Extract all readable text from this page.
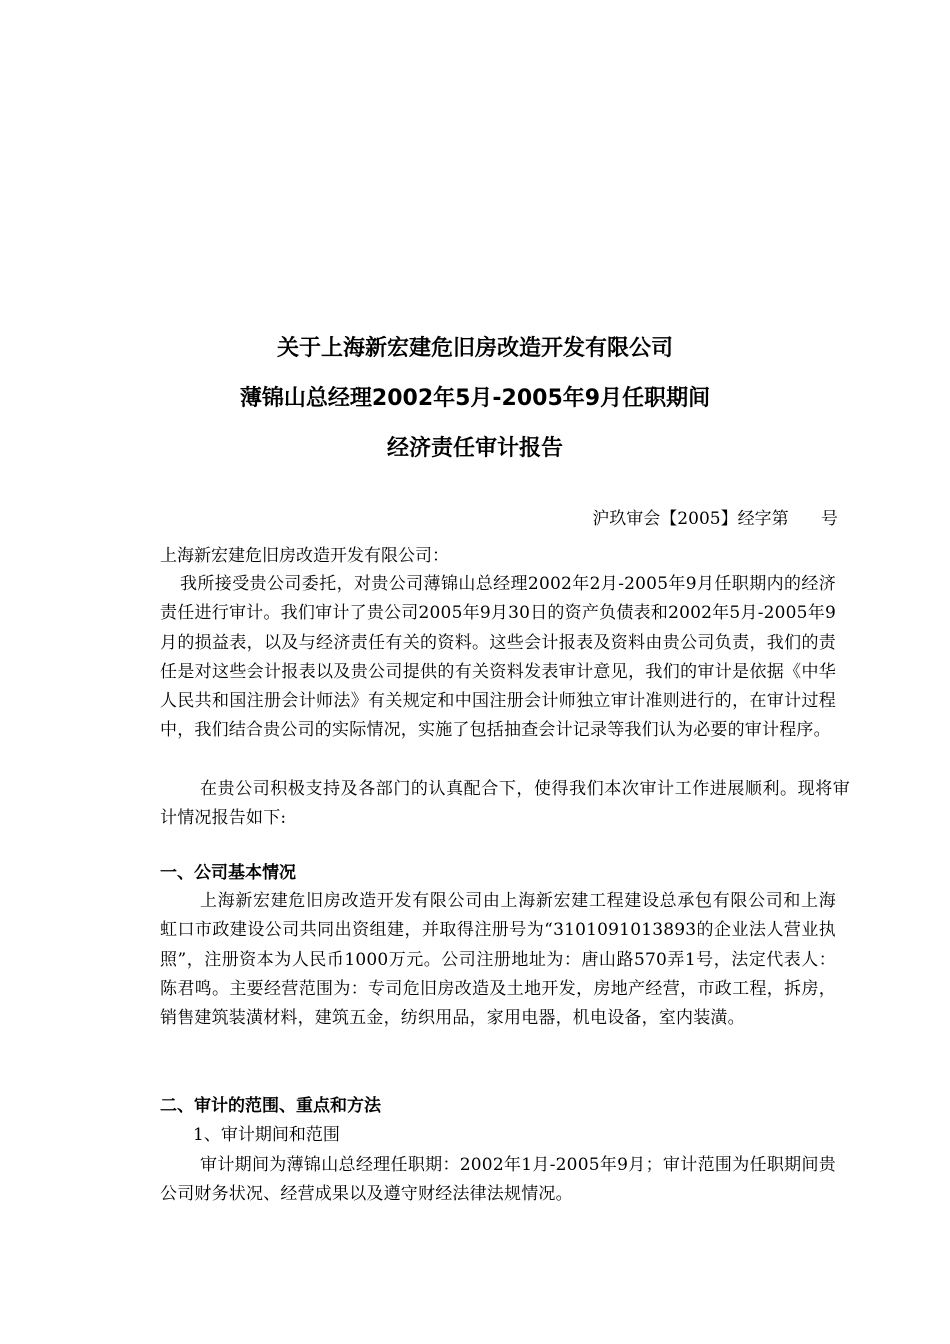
关于上海新宏建危旧房改造开发有限公司
薄锦山总经理2002年5月-2005年9月任职期间
经济责任审计报告

沪玖审会【2005】经字第      号

上海新宏建危旧房改造开发有限公司：

我所接受贵公司委托，对贵公司薄锦山总经理2002年2月-2005年9月任职期内的经济责任进行审计。我们审计了贵公司2005年9月30日的资产负债表和2002年5月-2005年9月的损益表，以及与经济责任有关的资料。这些会计报表及资料由贵公司负责，我们的责任是对这些会计报表以及贵公司提供的有关资料发表审计意见，我们的审计是依据《中华人民共和国注册会计师法》有关规定和中国注册会计师独立审计准则进行的，在审计过程中，我们结合贵公司的实际情况，实施了包括抽查会计记录等我们认为必要的审计程序。

在贵公司积极支持及各部门的认真配合下，使得我们本次审计工作进展顺利。现将审计情况报告如下:

一、公司基本情况

上海新宏建危旧房改造开发有限公司由上海新宏建工程建设总承包有限公司和上海虹口市政建设公司共同出资组建，并取得注册号为“3101091013893的企业法人营业执照”，注册资本为人民币1000万元。公司注册地址为：唐山路570弄1号，法定代表人：陈君鸣。主要经营范围为：专司危旧房改造及土地开发，房地产经营，市政工程，拆房，销售建筑装潢材料，建筑五金，纺织用品，家用电器，机电设备，室内装潢。

二、审计的范围、重点和方法

1、审计期间和范围

审计期间为薄锦山总经理任职期：2002年1月-2005年9月；审计范围为任职期间贵公司财务状况、经营成果以及遵守财经法律法规情况。
